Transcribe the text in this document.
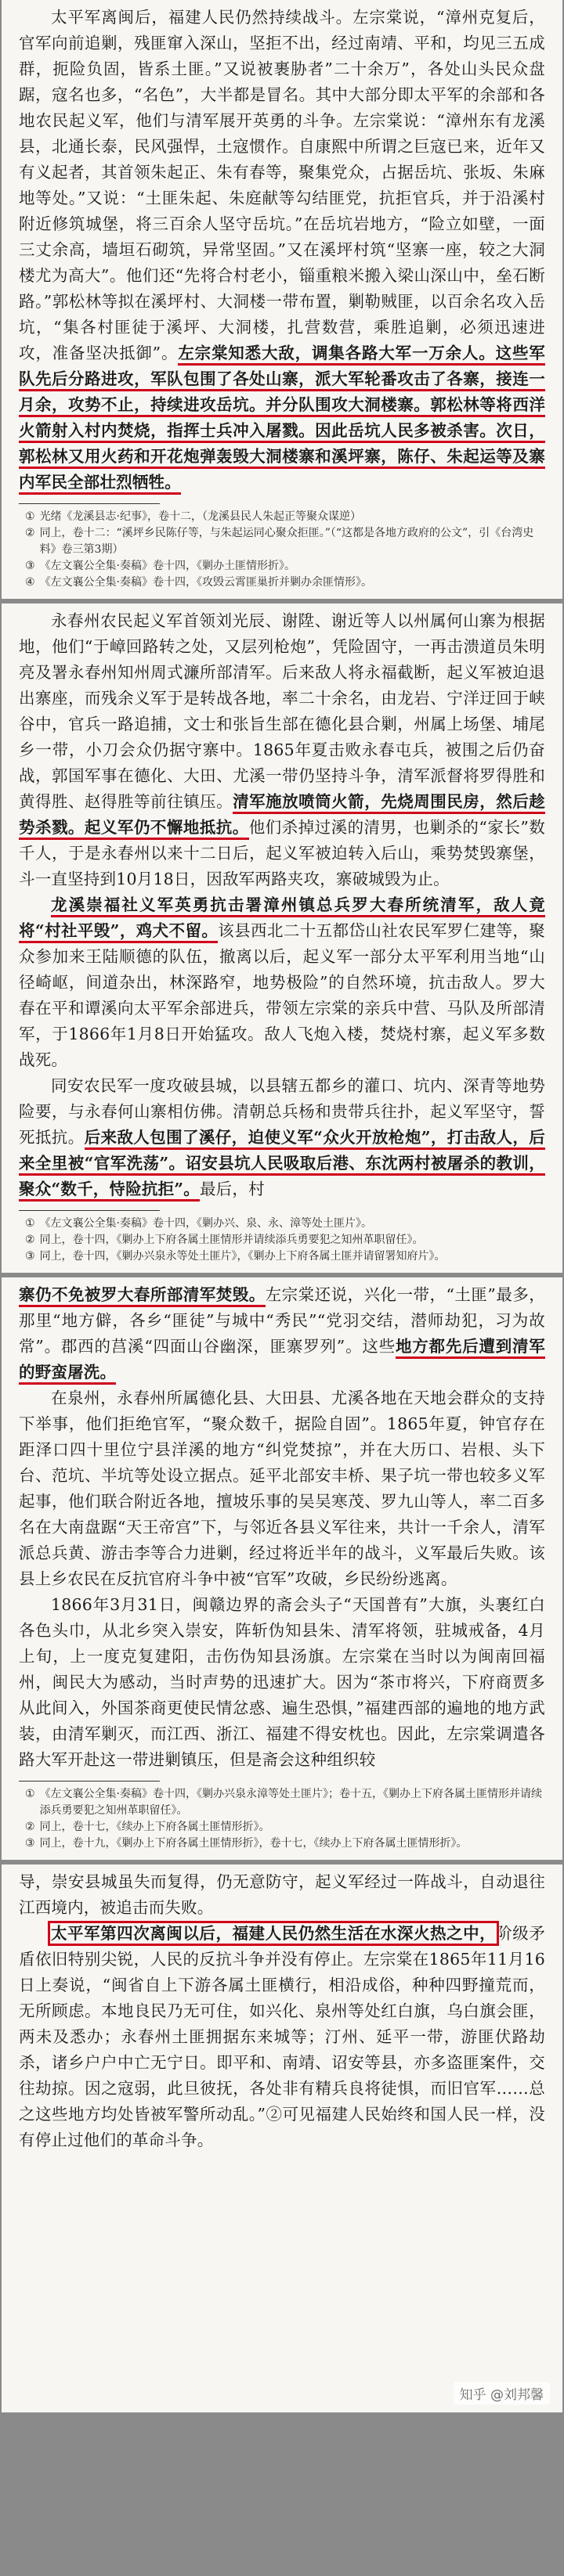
太平军离闽后，福建人民仍然持续战斗。左宗棠说，“漳州克复后，官军向前追剿，残匪窜入深山，坚拒不出，经过南靖、平和，均见三五成群，扼险负固，皆系土匪。”又说被裹胁者”二十余万”，各处山头民众盘踞，寇名也多，“名色”，大半都是冒名。其中大部分即太平军的余部和各地农民起义军，他们与清军展开英勇的斗争。左宗棠说：“漳州东有龙溪县，北通长泰，民风强悍，土寇惯作。自康熙中所谓之巨寇已来，近年又有义起者，其首领朱起正、朱有春等，聚集党众，占据岳坑、张坂、朱麻地等处。”又说：“土匪朱起、朱庭献等勾结匪党，抗拒官兵，并于沿溪村附近修筑城堡，将三百余人坚守岳坑。”在岳坑岩地方，“险立如壁，一面三丈余高，墙垣石砌筑，异常坚固。”又在溪坪村筑“坚寨一座，较之大洞楼尤为高大”。他们还“先将合村老小，锱重粮米搬入梁山深山中，垒石断路。”郭松林等拟在溪坪村、大洞楼一带布置，剿勒贼匪，以百余名攻入岳坑，“集各村匪徒于溪坪、大洞楼，扎营数营，乘胜追剿，必须迅速进攻，准备坚决抵御”。左宗棠知悉大敌，调集各路大军一万余人。这些军队先后分路进攻，军队包围了各处山寨，派大军轮番攻击了各寨，接连一月余，攻势不止，持续进攻岳坑。并分队围攻大洞楼寨。郭松林等将西洋火箭射入村内焚烧，指挥士兵冲入屠戮。因此岳坑人民多被杀害。次日，郭松林又用火药和开花炮弹轰毁大洞楼寨和溪坪寨，陈仔、朱起运等及寨内军民全部壮烈牺牲。

① 光绪《龙溪县志·纪事》，卷十二，（龙溪县民人朱起正等聚众谋逆）
② 同上，卷十二：“溪坪乡民陈仔等，与朱起运同心聚众拒匪。”（“这都是各地方政府的公文”，引《台湾史料》卷三第3期）
③ 《左文襄公全集·奏稿》卷十四，《剿办土匪情形折》。
④ 《左文襄公全集·奏稿》卷十四，《攻毁云霄匪巢折并剿办余匪情形》。

永春州农民起义军首领刘光辰、谢陞、谢近等人以州属何山寨为根据地，他们“于嶂回路转之处，又层列枪炮”，凭险固守，一再击溃道员朱明亮及署永春州知州周式濂所部清军。后来敌人将永福截断，起义军被迫退出寨座，而残余义军于是转战各地，率二十余名，由龙岩、宁洋迂回于峡谷中，官兵一路追捕，文士和张旨生部在德化县合剿，州属上场堡、埔尾乡一带，小刀会众仍据守寨中。1865年夏击败永春屯兵，被围之后仍奋战，郭国军事在德化、大田、尤溪一带仍坚持斗争，清军派督将罗得胜和黄得胜、赵得胜等前往镇压。清军施放喷筒火箭，先烧周围民房，然后趁势杀戮。起义军仍不懈地抵抗。他们杀掉过溪的清男，也剿杀的“家长”数千人，于是永春州以来十二日后，起义军被迫转入后山，乘势焚毁寨堡，斗一直坚持到10月18日，因敌军两路夹攻，寨破城毁为止。

龙溪崇福社义军英勇抗击署漳州镇总兵罗大春所统清军，敌人竟将“村社平毁”，鸡犬不留。该县西北二十五都岱山社农民军罗仁建等，聚众参加来王陆顺德的队伍，撤离以后，起义军一部分太平军利用当地“山径崎岖，间道杂出，林深路窄，地势极险”的自然环境，抗击敌人。罗大春在平和谭溪向太平军余部进兵，带领左宗棠的亲兵中营、马队及所部清军，于1866年1月8日开始猛攻。敌人飞炮入楼，焚烧村寨，起义军多数战死。

同安农民军一度攻破县城，以县辖五都乡的灌口、坑内、深青等地势险要，与永春何山寨相仿佛。清朝总兵杨和贵带兵往扑，起义军坚守，誓死抵抗。后来敌人包围了溪仔，迫使义军“众火开放枪炮”，打击敌人，后来全里被“官军洗荡”。诏安县坑人民吸取后港、东沈两村被屠杀的教训，聚众“数千，恃险抗拒”。最后，村

① 《左文襄公全集·奏稿》卷十四，《剿办兴、泉、永、漳等处土匪片》。
② 同上，卷十四，《剿办上下府各属土匪情形并请续添兵勇要犯之知州革职留任》。
③ 同上，卷十四，《剿办兴泉永等处土匪片》，《剿办上下府各属土匪并请留署知府片》。

寨仍不免被罗大春所部清军焚毁。左宗棠还说，兴化一带，“土匪”最多，那里“地方僻，各乡“匪徒”与城中“秀民”“党羽交结，潜师劫犯，习为故常”。郡西的莒溪“四面山谷幽深，匪寨罗列”。这些地方都先后遭到清军的野蛮屠洗。

在泉州，永春州所属德化县、大田县、尤溪各地在天地会群众的支持下举事，他们拒绝官军，“聚众数千，据险自固”。1865年夏，钟官存在距泽口四十里位宁县洋溪的地方“纠党焚掠”，并在大历口、岩根、头下台、范坑、半坑等处设立据点。延平北部安丰桥、果子坑一带也较多义军起事，他们联合附近各地，擅坡乐事的吴吴寒茂、罗九山等人，率二百多名在大南盘踞“天王帝宫”下，与邻近各县义军往来，共计一千余人，清军派总兵黄、游击李等合力进剿，经过将近半年的战斗，义军最后失败。该县上乡农民在反抗官府斗争中被“官军”攻破，乡民纷纷逃离。

1866年3月31日，闽赣边界的斋会头子“天国普有”大旗，头裹红白各色头巾，从北乡突入崇安，阵斩伪知县朱、清军将领，驻城戒备，4月上旬，上一度克复建阳，击伤伪知县汤旗。左宗棠在当时以为闽南回福州，闽民大为感动，当时声势的迅速扩大。因为“茶市将兴，下府商贾多从此间入，外国茶商更使民情忿惑、遍生恐惧，”福建西部的遍地的地方武装，由清军剿灭，而江西、浙江、福建不得安枕也。因此，左宗棠调遣各路大军开赴这一带进剿镇压，但是斋会这种组织较

① 《左文襄公全集·奏稿》卷十四，《剿办兴泉永漳等处土匪片》；卷十五，《剿办上下府各属土匪情形并请续添兵勇要犯之知州革职留任》。
② 同上，卷十七，《续办上下府各属土匪情形折》。
③ 同上，卷十九，《剿办上下府各属土匪情形折》，卷十七，《续办上下府各属土匪情形折》。

导，崇安县城虽失而复得，仍无意防守，起义军经过一阵战斗，自动退往江西境内，被追击而失败。

太平军第四次离闽以后，福建人民仍然生活在水深火热之中，阶级矛盾依旧特别尖锐，人民的反抗斗争并没有停止。左宗棠在1865年11月16日上奏说，“闽省自上下游各属土匪横行，相沿成俗，种种四野撞荒而，无所顾虑。本地良民乃无可住，如兴化、泉州等处红白旗，乌白旗会匪，两未及悉办；永春州土匪拥据东来城等；汀州、延平一带，游匪伏路劫杀，诸乡户户中亡无宁日。即平和、南靖、诏安等县，亦多盗匪案件，交往劫掠。因之寇弱，此旦彼抚，各处非有精兵良将徒惧，而旧官军……总之这些地方均处皆被军警所动乱。”②可见福建人民始终和国人民一样，没有停止过他们的革命斗争。

知乎 @刘邦馨
